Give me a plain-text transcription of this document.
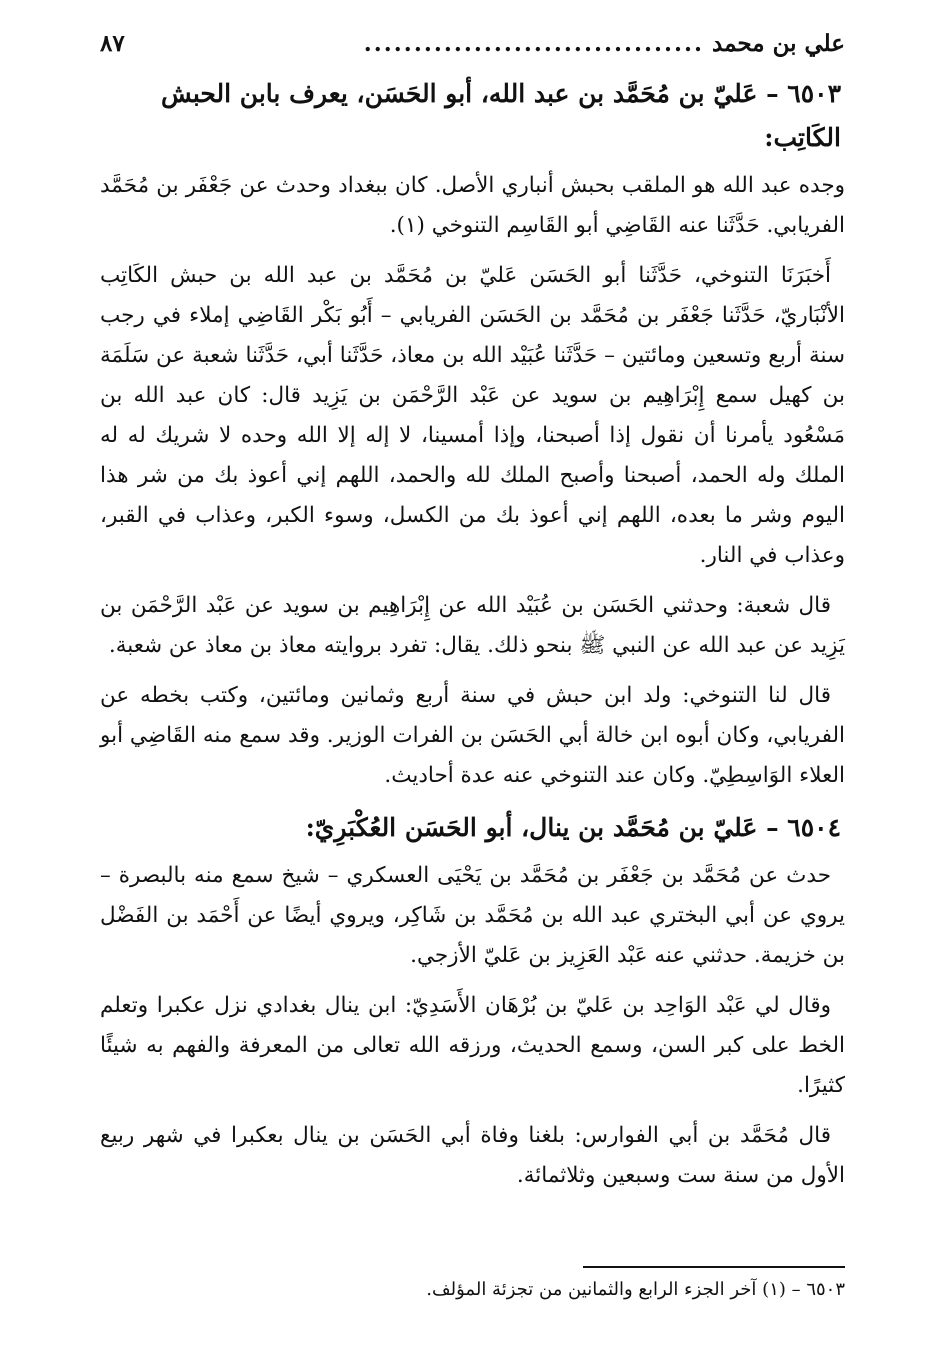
علي بن محمد
..................................
٨٧
٦٥٠٣ – عَليّ بن مُحَمَّد بن عبد الله، أبو الحَسَن، يعرف بابن الحبش الكَاتِب:

وجده عبد الله هو الملقب بحبش أنباري الأصل. كان ببغداد وحدث عن جَعْفَر بن مُحَمَّد الفريابي. حَدَّثَنا عنه القَاضِي أبو القَاسِم التنوخي (١).

أَخبَرَنَا التنوخي، حَدَّثَنا أبو الحَسَن عَليّ بن مُحَمَّد بن عبد الله بن حبش الكَاتِب الأنْبَاريّ، حَدَّثَنا جَعْفَر بن مُحَمَّد بن الحَسَن الفريابي – أَبُو بَكْر القَاضِي إملاء في رجب سنة أربع وتسعين ومائتين – حَدَّثَنا عُبَيْد الله بن معاذ، حَدَّثَنا أبي، حَدَّثَنا شعبة عن سَلَمَة بن كهيل سمع إِبْرَاهِيم بن سويد عن عَبْد الرَّحْمَن بن يَزِيد قال: كان عبد الله بن مَسْعُود يأمرنا أن نقول إذا أصبحنا، وإذا أمسينا، لا إله إلا الله وحده لا شريك له له الملك وله الحمد، أصبحنا وأصبح الملك لله والحمد، اللهم إني أعوذ بك من شر هذا اليوم وشر ما بعده، اللهم إني أعوذ بك من الكسل، وسوء الكبر، وعذاب في القبر، وعذاب في النار.

قال شعبة: وحدثني الحَسَن بن عُبَيْد الله عن إِبْرَاهِيم بن سويد عن عَبْد الرَّحْمَن بن يَزِيد عن عبد الله عن النبي ﷺ بنحو ذلك. يقال: تفرد بروايته معاذ بن معاذ عن شعبة.

قال لنا التنوخي: ولد ابن حبش في سنة أربع وثمانين ومائتين، وكتب بخطه عن الفريابي، وكان أبوه ابن خالة أبي الحَسَن بن الفرات الوزير. وقد سمع منه القَاضِي أبو العلاء الوَاسِطِيّ. وكان عند التنوخي عنه عدة أحاديث.

٦٥٠٤ – عَليّ بن مُحَمَّد بن ينال، أبو الحَسَن العُكْبَرِيّ:

حدث عن مُحَمَّد بن جَعْفَر بن مُحَمَّد بن يَحْيَى العسكري – شيخ سمع منه بالبصرة – يروي عن أبي البختري عبد الله بن مُحَمَّد بن شَاكِر، ويروي أيضًا عن أَحْمَد بن الفَضْل بن خزيمة. حدثني عنه عَبْد العَزِيز بن عَليّ الأزجي.

وقال لي عَبْد الوَاحِد بن عَليّ بن بُرْهَان الأَسَدِيّ: ابن ينال بغدادي نزل عكبرا وتعلم الخط على كبر السن، وسمع الحديث، ورزقه الله تعالى من المعرفة والفهم به شيئًا كثيرًا.

قال مُحَمَّد بن أبي الفوارس: بلغنا وفاة أبي الحَسَن بن ينال بعكبرا في شهر ربيع الأول من سنة ست وسبعين وثلاثمائة.

٦٥٠٣ – (١) آخر الجزء الرابع والثمانين من تجزئة المؤلف.
